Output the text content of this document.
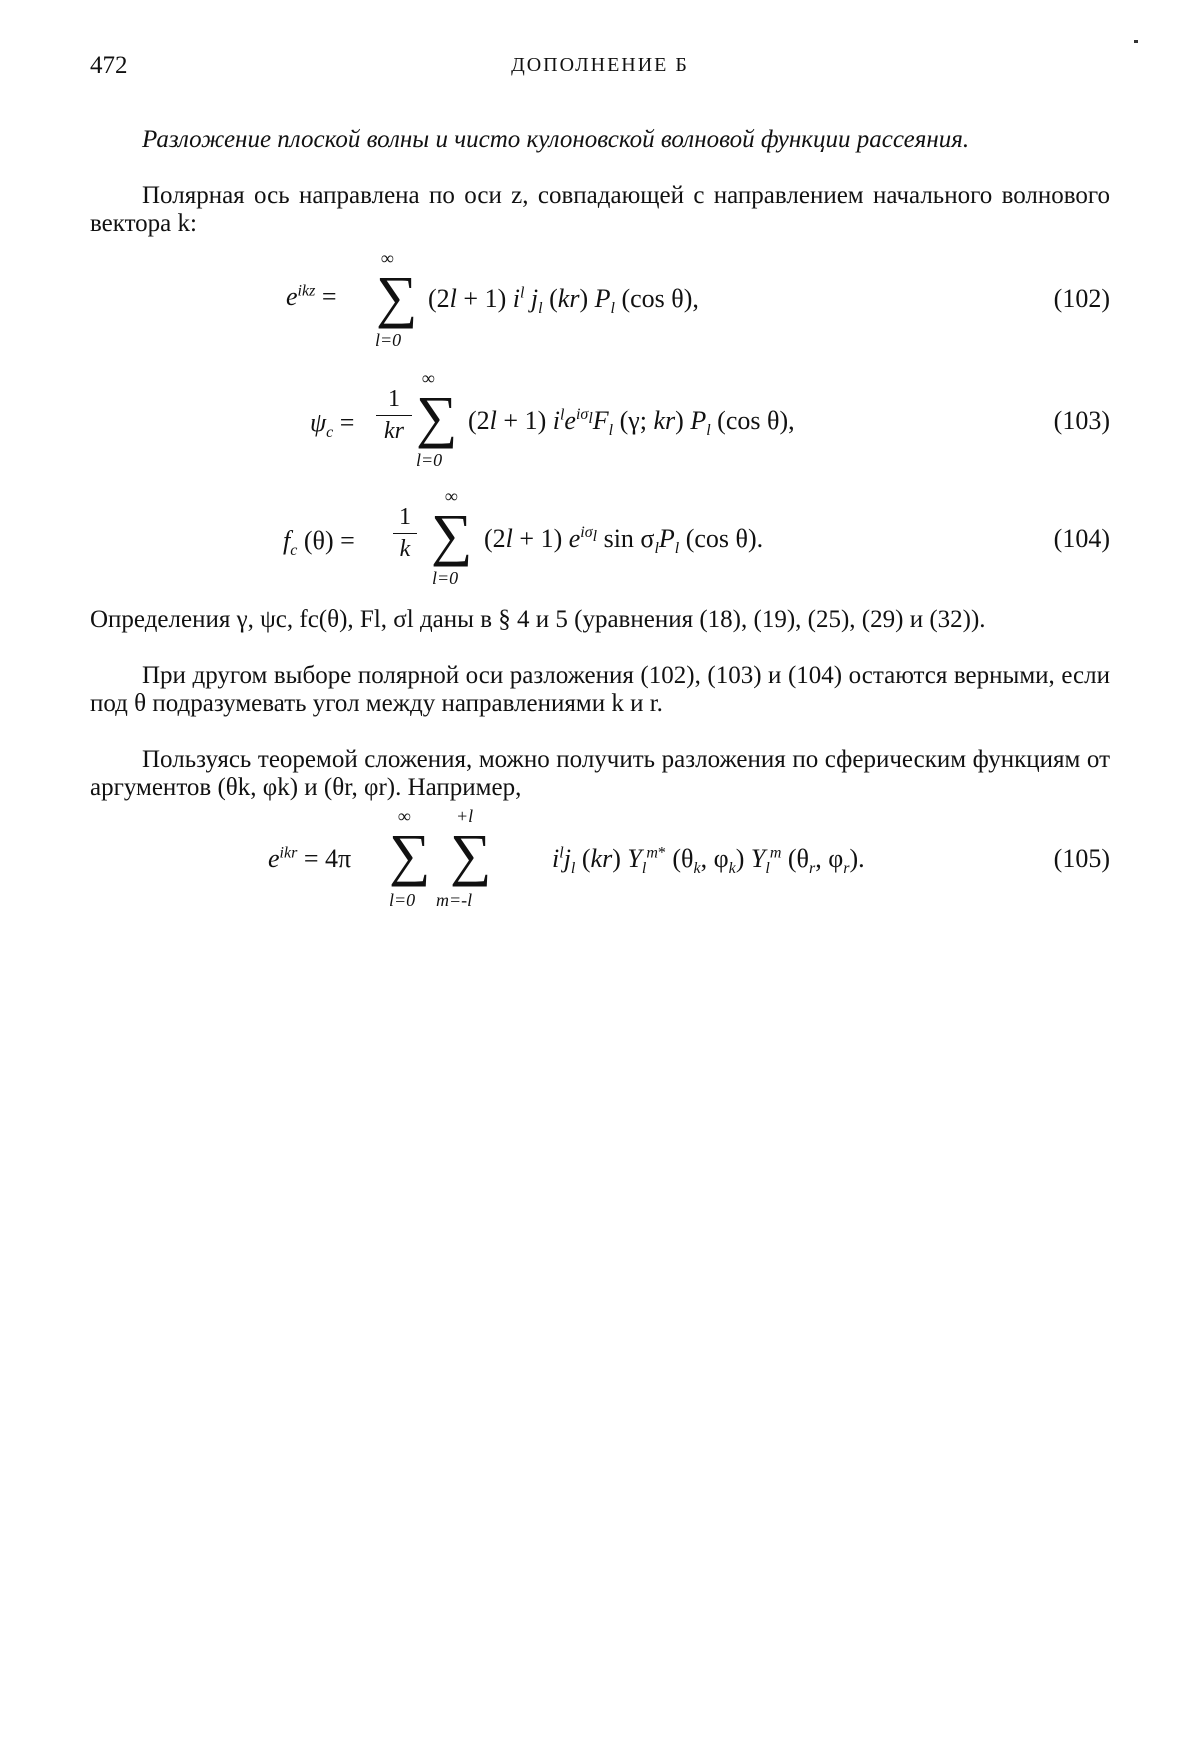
472	ДОПОЛНЕНИЕ Б
Разложение плоской волны и чисто кулоновской волновой функции рассеяния.
Полярная ось направлена по оси z, совпадающей с направлением начального волнового вектора k:
$e^{ikz}$ =
∞
∑
l=0
(2l + 1) $i^l$ $j_l$ (kr) $P_l$ (cos θ),	(102)
$\psi_c$ =
1
kr
∞
∑
l=0
(2l + 1) $i^le^{i\sigma_l}F_l$ (γ; kr) $P_l$ (cos θ),	(103)
$f_c$ (θ) =
1
k
∞
∑
l=0
(2l + 1) $e^{i\sigma_l}$ $\sin \sigma_lP_l$ (cos θ).	(104)
Определения γ, ψc, fc(θ), Fl, σl даны в § 4 и 5 (уравнения (18), (19), (25), (29) и (32)).
При другом выборе полярной оси разложения (102), (103) и (104) остаются верными, если под θ подразумевать угол между направлениями k и r.
Пользуясь теоремой сложения, можно получить разложения по сферическим функциям от аргументов (θk, φk) и (θr, φr). Например,
$e^{ikr} = 4\pi$
∞
∑
l=0
+l
∑
m=-l
$i^lj_l$ (kr) $Y_l^{m*}$ ($\theta_k$, $\varphi_k$) $Y_l^m$ ($\theta_r$, $\varphi_r$).	(105)
